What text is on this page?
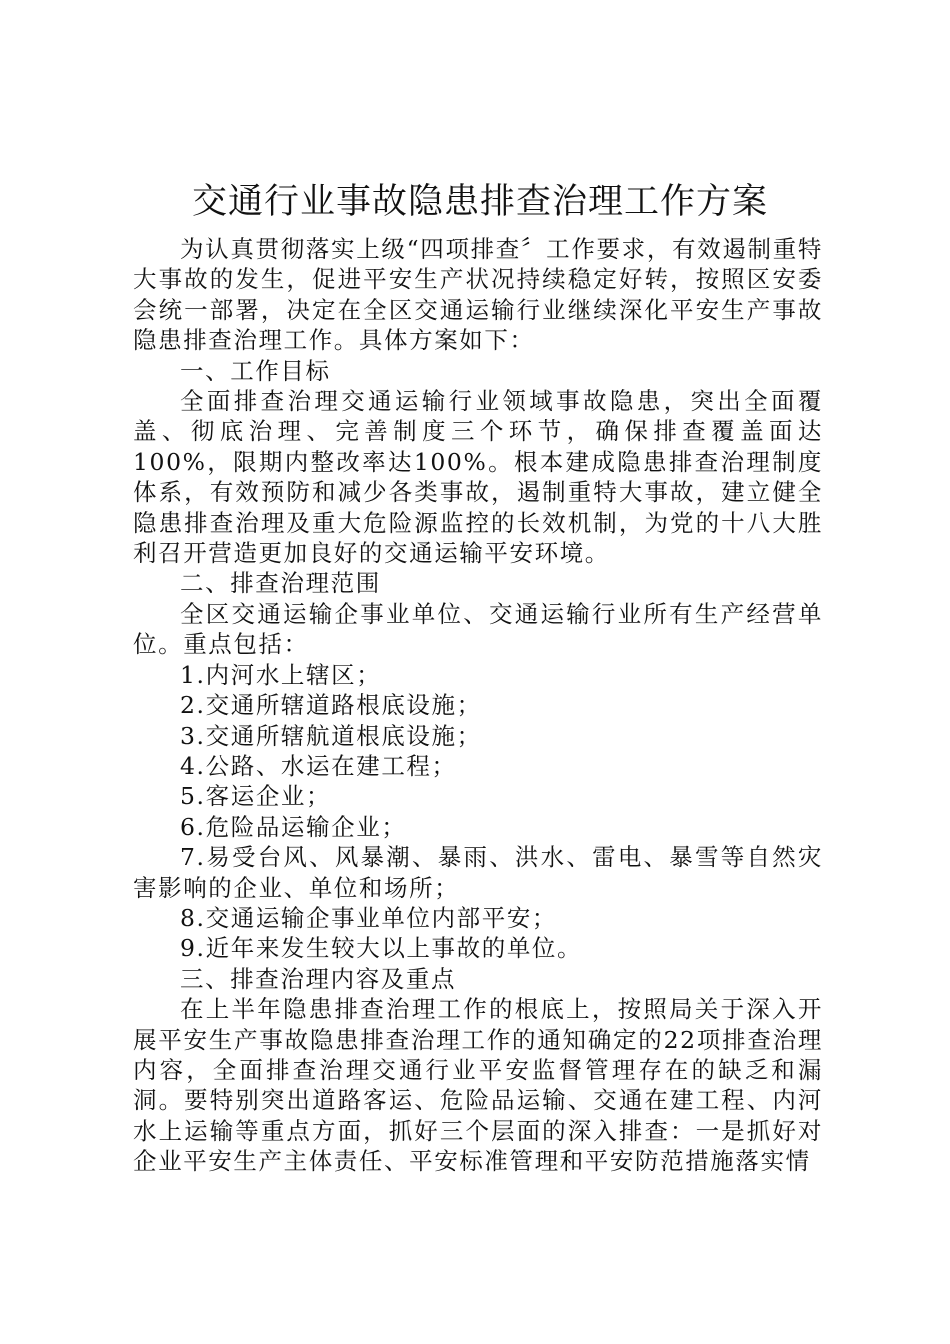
交通行业事故隐患排查治理工作方案

为认真贯彻落实上级“四项排查〞工作要求，有效遏制重特大事故的发生，促进平安生产状况持续稳定好转，按照区安委会统一部署，决定在全区交通运输行业继续深化平安生产事故隐患排查治理工作。具体方案如下：

一、工作目标

全面排查治理交通运输行业领域事故隐患，突出全面覆盖、彻底治理、完善制度三个环节，确保排查覆盖面达100%，限期内整改率达100%。根本建成隐患排查治理制度体系，有效预防和减少各类事故，遏制重特大事故，建立健全隐患排查治理及重大危险源监控的长效机制，为党的十八大胜利召开营造更加良好的交通运输平安环境。

二、排查治理范围

全区交通运输企事业单位、交通运输行业所有生产经营单位。重点包括：

1.内河水上辖区；

2.交通所辖道路根底设施；

3.交通所辖航道根底设施；

4.公路、水运在建工程；

5.客运企业；

6.危险品运输企业；

7.易受台风、风暴潮、暴雨、洪水、雷电、暴雪等自然灾害影响的企业、单位和场所；

8.交通运输企事业单位内部平安；

9.近年来发生较大以上事故的单位。

三、排查治理内容及重点

在上半年隐患排查治理工作的根底上，按照局关于深入开展平安生产事故隐患排查治理工作的通知确定的22项排查治理内容，全面排查治理交通行业平安监督管理存在的缺乏和漏洞。要特别突出道路客运、危险品运输、交通在建工程、内河水上运输等重点方面，抓好三个层面的深入排查：一是抓好对企业平安生产主体责任、平安标准管理和平安防范措施落实情
